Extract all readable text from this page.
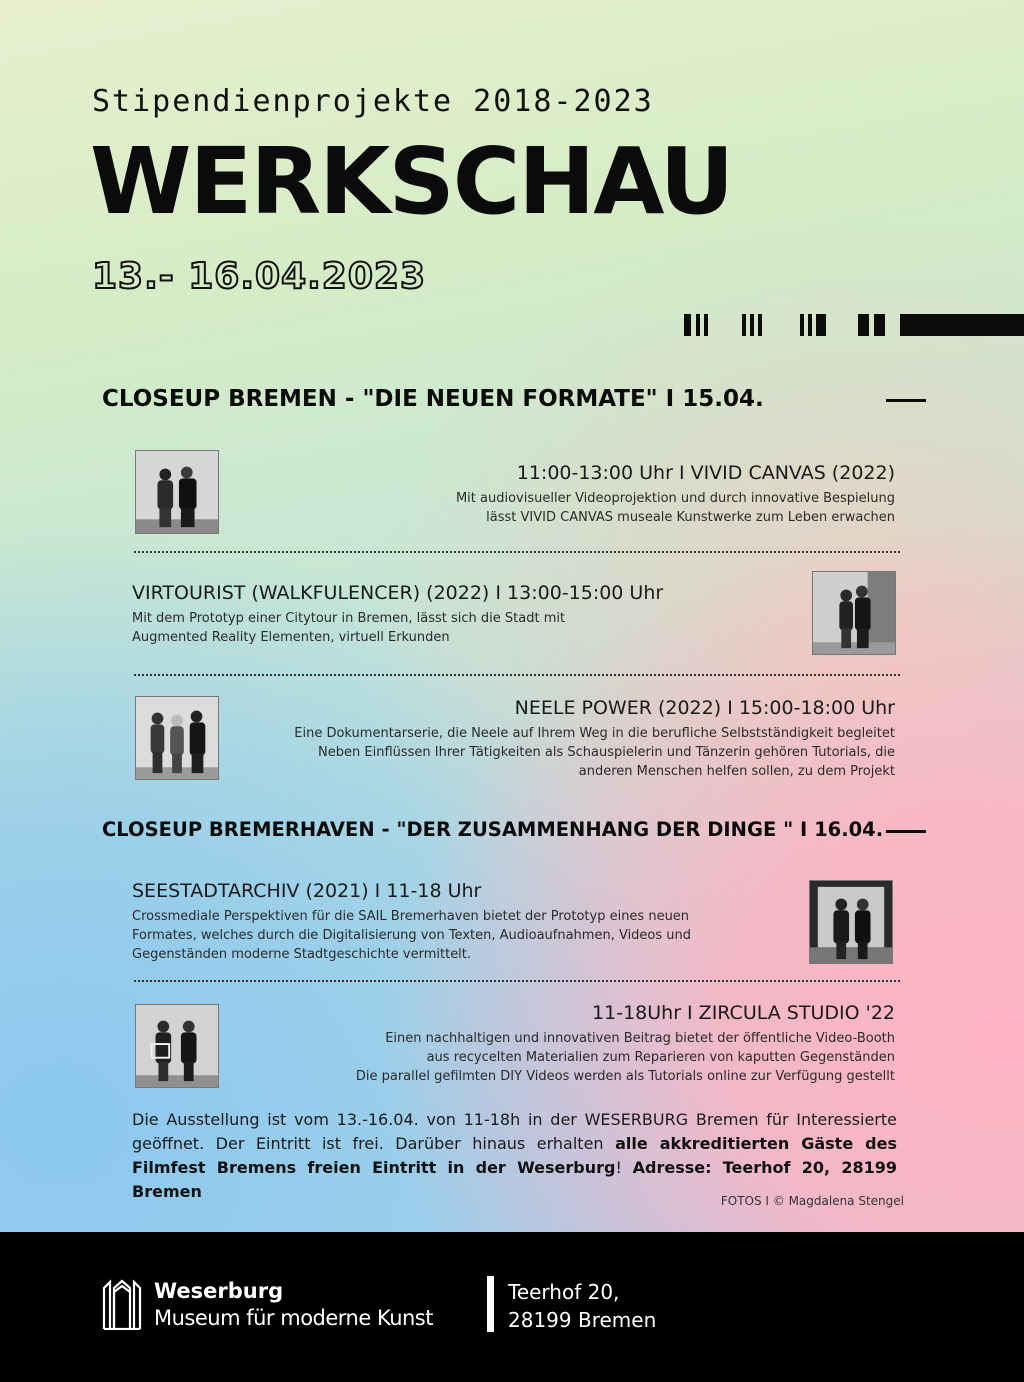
Stipendienprojekte 2018-2023
WERKSCHAU
13.- 16.04.2023
CLOSEUP BREMEN - "DIE NEUEN FORMATE" I 15.04.
11:00-13:00 Uhr I VIVID CANVAS (2022)
Mit audiovisueller Videoprojektion und durch innovative Bespielung
lässt VIVID CANVAS museale Kunstwerke zum Leben erwachen
VIRTOURIST (WALKFULENCER) (2022) I 13:00-15:00 Uhr
Mit dem Prototyp einer Citytour in Bremen, lässt sich die Stadt mit
Augmented Reality Elementen, virtuell Erkunden
NEELE POWER (2022) I 15:00-18:00 Uhr
Eine Dokumentarserie, die Neele auf Ihrem Weg in die berufliche Selbstständigkeit begleitet
Neben Einflüssen Ihrer Tätigkeiten als Schauspielerin und Tänzerin gehören Tutorials, die
anderen Menschen helfen sollen, zu dem Projekt
CLOSEUP BREMERHAVEN - "DER ZUSAMMENHANG DER DINGE " I 16.04.
SEESTADTARCHIV (2021) I 11-18 Uhr
Crossmediale Perspektiven für die SAIL Bremerhaven bietet der Prototyp eines neuen
Formates, welches durch die Digitalisierung von Texten, Audioaufnahmen, Videos und
Gegenständen moderne Stadtgeschichte vermittelt.
11-18Uhr I ZIRCULA STUDIO '22
Einen nachhaltigen und innovativen Beitrag bietet der öffentliche Video-Booth
aus recycelten Materialien zum Reparieren von kaputten Gegenständen
Die parallel gefilmten DIY Videos werden als Tutorials online zur Verfügung gestellt
Die Ausstellung ist vom 13.-16.04. von 11-18h in der WESERBURG Bremen für Interessierte geöffnet. Der Eintritt ist frei. Darüber hinaus erhalten alle akkreditierten Gäste des Filmfest Bremens freien Eintritt in der Weserburg! Adresse: Teerhof 20, 28199 Bremen	FOTOS I © Magdalena Stengel
Weserburg
Museum für moderne Kunst
Teerhof 20,
28199 Bremen
